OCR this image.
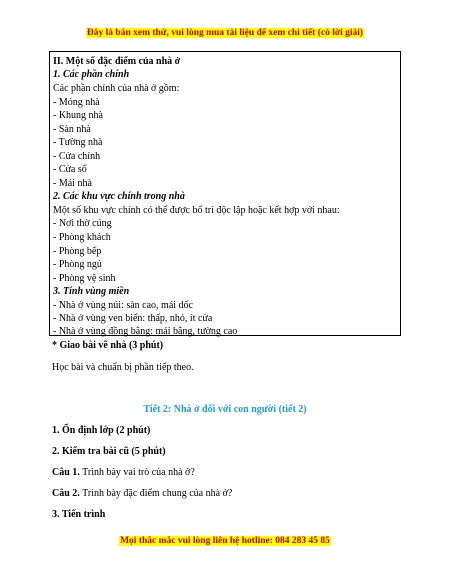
Đây là bản xem thử, vui lòng mua tài liệu để xem chi tiết (có lời giải)
II. Một số đặc điểm của nhà ở
1. Các phần chính
Các phần chính của nhà ở gồm:
- Móng nhà
- Khung nhà
- Sàn nhà
- Tường nhà
- Cửa chính
- Cửa sổ
- Mái nhà
2. Các khu vực chính trong nhà
Một số khu vực chính có thể được bố trí độc lập hoặc kết hợp với nhau:
- Nơi thờ cúng
- Phòng khách
- Phòng bếp
- Phòng ngủ
- Phòng vệ sinh
3. Tính vùng miền
- Nhà ở vùng núi: sàn cao, mái dốc
- Nhà ở vùng ven biển: thấp, nhỏ, ít cửa
- Nhà ở vùng đồng bằng: mái bằng, tường cao
* Giao bài vẽ nhà (3 phút)
Học bài và chuẩn bị phần tiếp theo.
Tiết 2: Nhà ở đối với con người (tiết 2)
1. Ổn định lớp (2 phút)
2. Kiểm tra bài cũ (5 phút)
Câu 1. Trình bày vai trò của nhà ở?
Câu 2. Trình bày đặc điểm chung của nhà ở?
3. Tiến trình
Mọi thắc mắc vui lòng liên hệ hotline: 084 283 45 85
